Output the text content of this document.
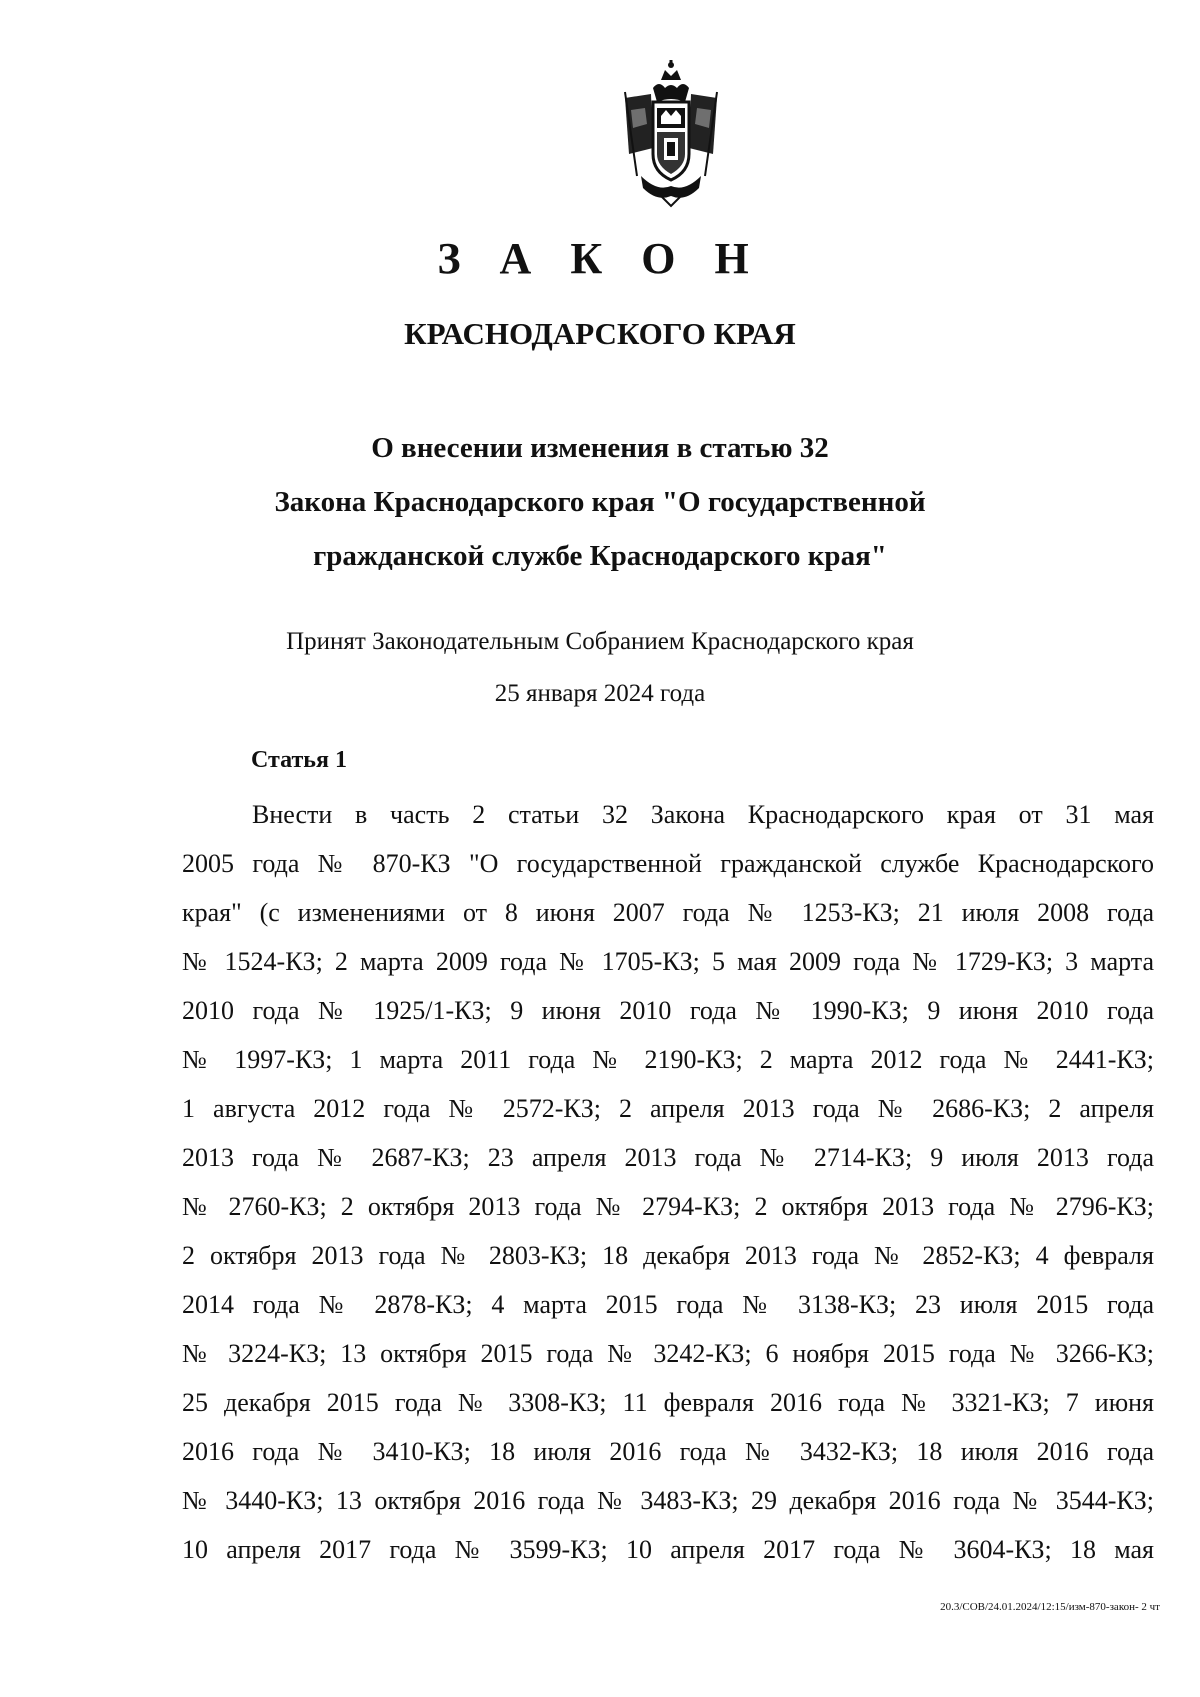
З А К О Н
КРАСНОДАРСКОГО КРАЯ
О внесении изменения в статью 32
Закона Краснодарского края "О государственной
гражданской службе Краснодарского края"
Принят Законодательным Собранием Краснодарского края
25 января 2024 года
Статья 1
Внести в часть 2 статьи 32 Закона Краснодарского края от 31 мая
2005 года № 870-КЗ "О государственной гражданской службе Краснодарского
края" (с изменениями от 8 июня 2007 года № 1253-КЗ; 21 июля 2008 года
№ 1524-КЗ; 2 марта 2009 года № 1705-КЗ; 5 мая 2009 года № 1729-КЗ; 3 марта
2010 года № 1925/1-КЗ; 9 июня 2010 года № 1990-КЗ; 9 июня 2010 года
№ 1997-КЗ; 1 марта 2011 года № 2190-КЗ; 2 марта 2012 года № 2441-КЗ;
1 августа 2012 года № 2572-КЗ; 2 апреля 2013 года № 2686-КЗ; 2 апреля
2013 года № 2687-КЗ; 23 апреля 2013 года № 2714-КЗ; 9 июля 2013 года
№ 2760-КЗ; 2 октября 2013 года № 2794-КЗ; 2 октября 2013 года № 2796-КЗ;
2 октября 2013 года № 2803-КЗ; 18 декабря 2013 года № 2852-КЗ; 4 февраля
2014 года № 2878-КЗ; 4 марта 2015 года № 3138-КЗ; 23 июля 2015 года
№ 3224-КЗ; 13 октября 2015 года № 3242-КЗ; 6 ноября 2015 года № 3266-КЗ;
25 декабря 2015 года № 3308-КЗ; 11 февраля 2016 года № 3321-КЗ; 7 июня
2016 года № 3410-КЗ; 18 июля 2016 года № 3432-КЗ; 18 июля 2016 года
№ 3440-КЗ; 13 октября 2016 года № 3483-КЗ; 29 декабря 2016 года № 3544-КЗ;
10 апреля 2017 года № 3599-КЗ; 10 апреля 2017 года № 3604-КЗ; 18 мая
20.3/СОВ/24.01.2024/12:15/изм-870-закон- 2 чт
